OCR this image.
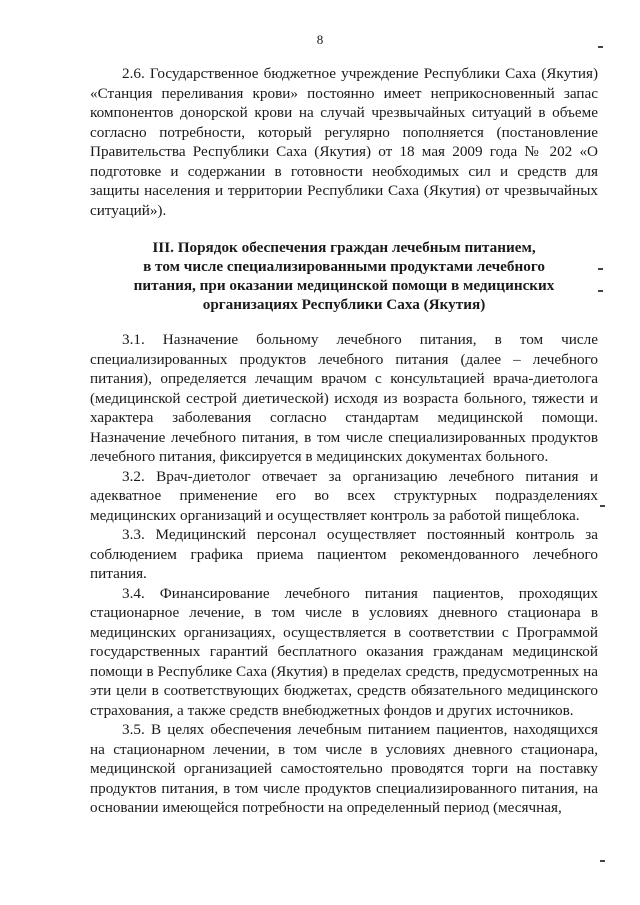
8

2.6. Государственное бюджетное учреждение Республики Саха (Якутия) «Станция переливания крови» постоянно имеет неприкосновенный запас компонентов донорской крови на случай чрезвычайных ситуаций в объеме согласно потребности, который регулярно пополняется (постановление Правительства Республики Саха (Якутия) от 18 мая 2009 года № 202 «О подготовке и содержании в готовности необходимых сил и средств для защиты населения и территории Республики Саха (Якутия) от чрезвычайных ситуаций»).

III. Порядок обеспечения граждан лечебным питанием,
в том числе специализированными продуктами лечебного
питания, при оказании медицинской помощи в медицинских
организациях Республики Саха (Якутия)

3.1. Назначение больному лечебного питания, в том числе специализированных продуктов лечебного питания (далее – лечебного питания), определяется лечащим врачом с консультацией врача-диетолога (медицинской сестрой диетической) исходя из возраста больного, тяжести и характера заболевания согласно стандартам медицинской помощи. Назначение лечебного питания, в том числе специализированных продуктов лечебного питания, фиксируется в медицинских документах больного.

3.2. Врач-диетолог отвечает за организацию лечебного питания и адекватное применение его во всех структурных подразделениях медицинских организаций и осуществляет контроль за работой пищеблока.

3.3. Медицинский персонал осуществляет постоянный контроль за соблюдением графика приема пациентом рекомендованного лечебного питания.

3.4. Финансирование лечебного питания пациентов, проходящих стационарное лечение, в том числе в условиях дневного стационара в медицинских организациях, осуществляется в соответствии с Программой государственных гарантий бесплатного оказания гражданам медицинской помощи в Республике Саха (Якутия) в пределах средств, предусмотренных на эти цели в соответствующих бюджетах, средств обязательного медицинского страхования, а также средств внебюджетных фондов и других источников.

3.5. В целях обеспечения лечебным питанием пациентов, находящихся на стационарном лечении, в том числе в условиях дневного стационара, медицинской организацией самостоятельно проводятся торги на поставку продуктов питания, в том числе продуктов специализированного питания, на основании имеющейся потребности на определенный период (месячная,
